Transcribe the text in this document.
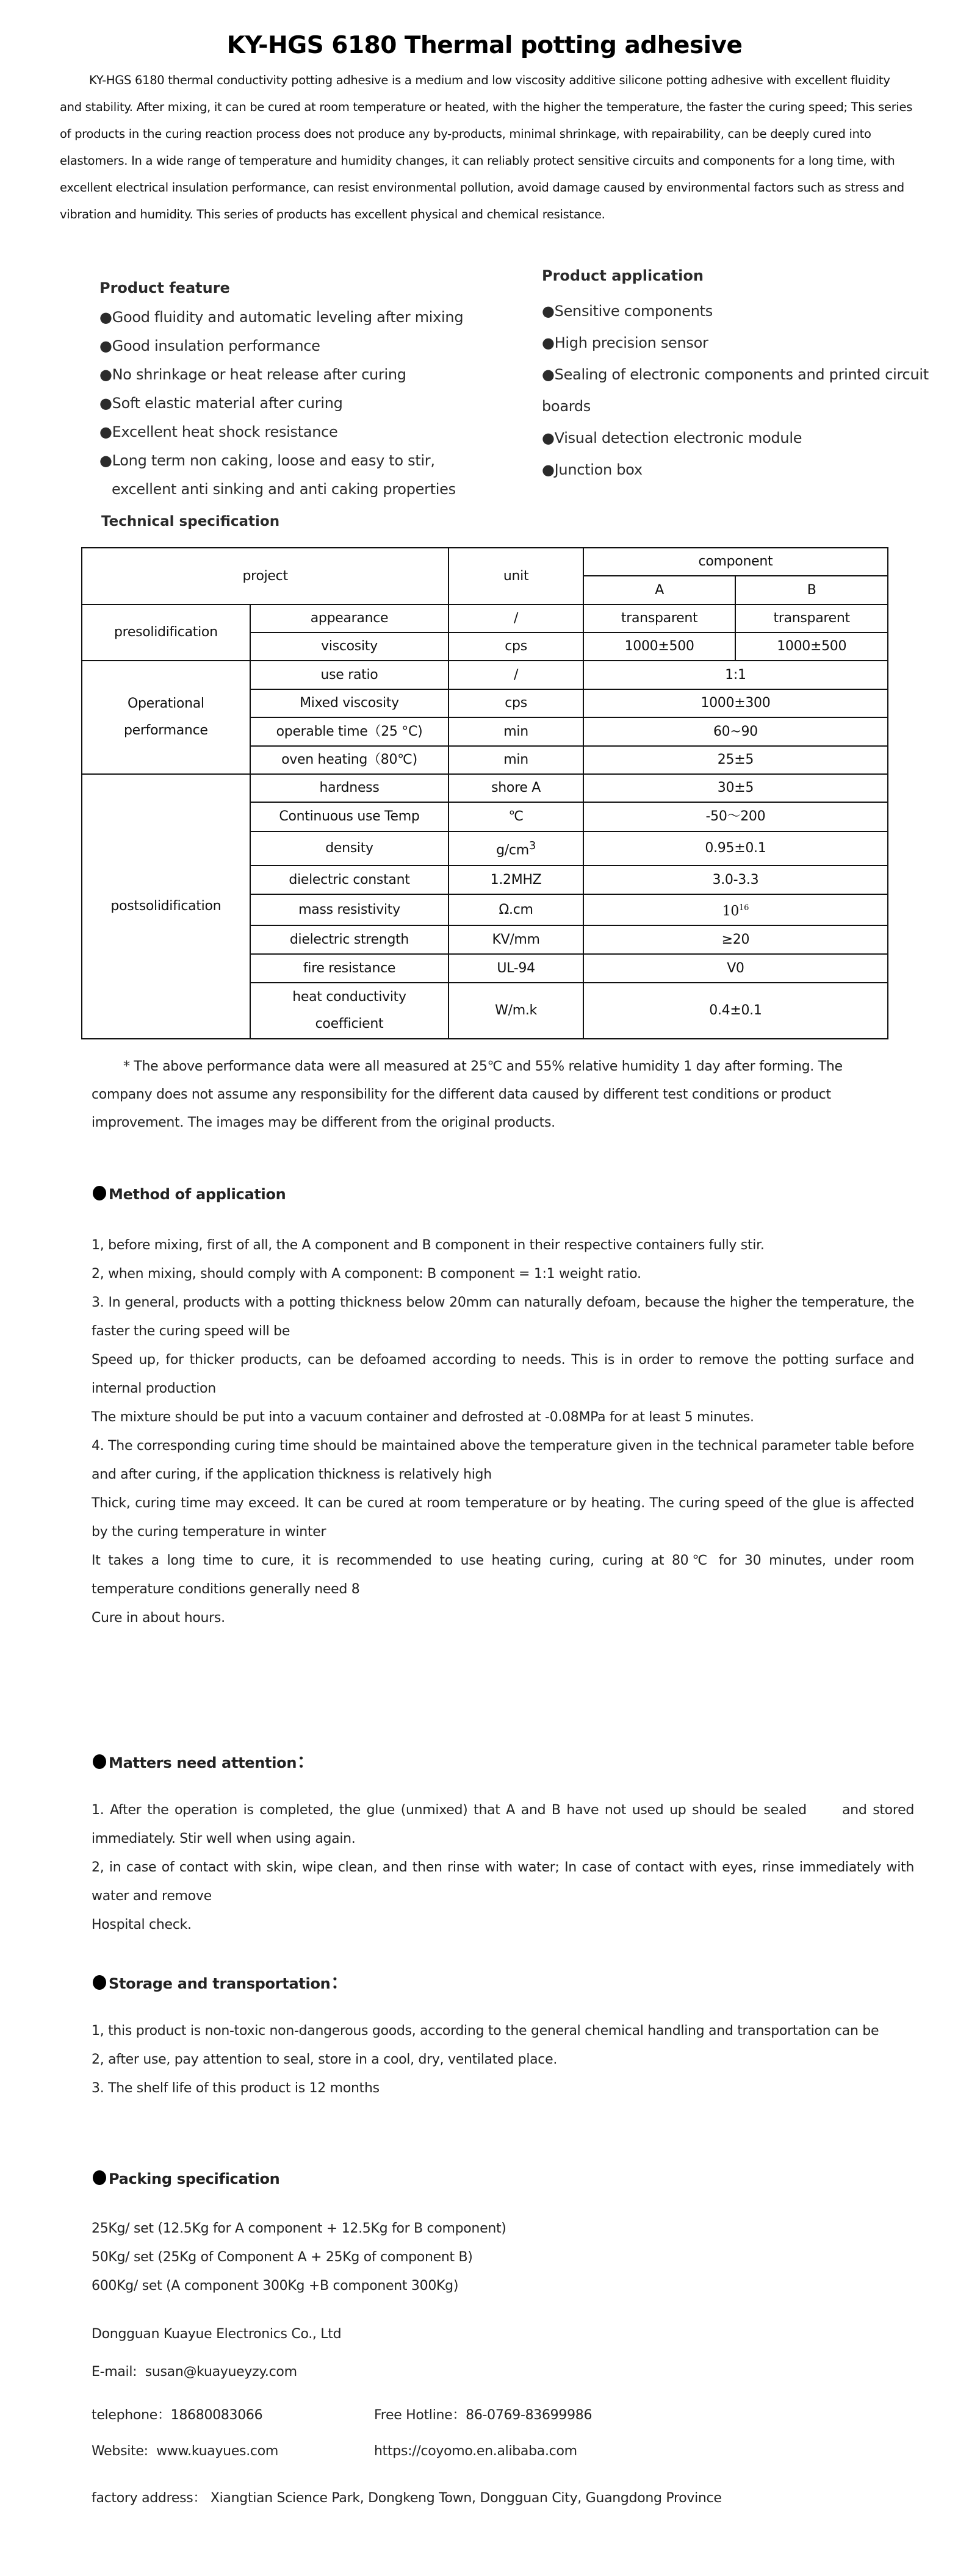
KY-HGS 6180 Thermal potting adhesive

KY-HGS 6180 thermal conductivity potting adhesive is a medium and low viscosity additive silicone potting adhesive with excellent fluidity and stability. After mixing, it can be cured at room temperature or heated, with the higher the temperature, the faster the curing speed; This series of products in the curing reaction process does not produce any by-products, minimal shrinkage, with repairability, can be deeply cured into elastomers. In a wide range of temperature and humidity changes, it can reliably protect sensitive circuits and components for a long time, with excellent electrical insulation performance, can resist environmental pollution, avoid damage caused by environmental factors such as stress and vibration and humidity. This series of products has excellent physical and chemical resistance.

Product feature
●Good fluidity and automatic leveling after mixing
●Good insulation performance
●No shrinkage or heat release after curing
●Soft elastic material after curing
●Excellent heat shock resistance
●Long term non caking, loose and easy to stir,
excellent anti sinking and anti caking properties
Product application
●Sensitive components
●High precision sensor
●Sealing of electronic components and printed circuit boards
●Visual detection electronic module
●Junction box
Technical specification
project		unit	component	
			A	B
presolidification	appearance	/	transparent	transparent
	viscosity	cps	1000±500	1000±500
Operational performance	use ratio	/	1:1	
	Mixed viscosity	cps	1000±300	
	operable time（25 °C)	min	60~90	
	oven heating（80℃)	min	25±5	
postsolidification	hardness	shore A	30±5	
	Continuous use Temp	℃	-50～200	
	density	$g/cm^3$	0.95±0.1	
	dielectric constant	1.2MHZ	3.0-3.3	
	mass resistivity	Ω.cm	$10^{16}$
	dielectric strength	KV/mm	≥20	
	fire resistance	UL-94	V0	
	heat conductivity coefficient	W/m.k	0.4±0.1	
* The above performance data were all measured at 25℃ and 55% relative humidity 1 day after forming. The company does not assume any responsibility for the different data caused by different test conditions or product improvement. The images may be different from the original products.
Method of application
1, before mixing, first of all, the A component and B component in their respective containers fully stir.
2, when mixing, should comply with A component: B component = 1:1 weight ratio.
3. In general, products with a potting thickness below 20mm can naturally defoam, because the higher the temperature, the faster the curing speed will be
Speed up, for thicker products, can be defoamed according to needs. This is in order to remove the potting surface and internal production
The mixture should be put into a vacuum container and defrosted at -0.08MPa for at least 5 minutes.
4. The corresponding curing time should be maintained above the temperature given in the technical parameter table before and after curing, if the application thickness is relatively high
Thick, curing time may exceed. It can be cured at room temperature or by heating. The curing speed of the glue is affected by the curing temperature in winter
It takes a long time to cure, it is recommended to use heating curing, curing at 80℃ for 30 minutes, under room temperature conditions generally need 8
Cure in about hours.
Matters need attention：
1. After the operation is completed, the glue (unmixed) that A and B have not used up should be sealed      and stored immediately. Stir well when using again.
2, in case of contact with skin, wipe clean, and then rinse with water; In case of contact with eyes, rinse immediately with water and remove
Hospital check.
Storage and transportation：
1, this product is non-toxic non-dangerous goods, according to the general chemical handling and transportation can be
2, after use, pay attention to seal, store in a cool, dry, ventilated place.
3. The shelf life of this product is 12 months
Packing specification
25Kg/ set (12.5Kg for A component + 12.5Kg for B component)
50Kg/ set (25Kg of Component A + 25Kg of component B)
600Kg/ set (A component 300Kg +B component 300Kg)
Dongguan Kuayue Electronics Co., Ltd
E-mail: susan@kuayueyzy.com
telephone：18680083066	Free Hotline：86-0769-83699986
Website: www.kuayues.com	https://coyomo.en.alibaba.com
factory address： Xiangtian Science Park, Dongkeng Town, Dongguan City, Guangdong Province
